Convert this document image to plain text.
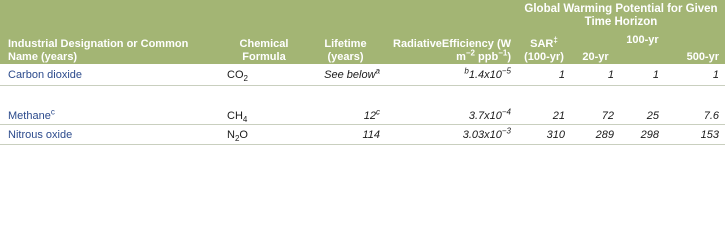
				Global Warming Potential for Given Time Horizon			
Industrial Designation or Common Name (years)	Chemical Formula	Lifetime (years)	RadiativeEfficiency (W $m^{-2}$ ppb$^{-1}$)	SAR‡ (100-yr)		100-yr	
					20-yr		500-yr
Carbon dioxide	$CO_2$	See below$^a$	$^b1.4x10^{-5}$	1	1	1	1
Methane$^c$	$CH_4$	12$^c$	$3.7x10^{-4}$	21	72	25	7.6
Nitrous oxide	$N_2O$	114	$3.03x10^{-3}$	310	289	298	153
